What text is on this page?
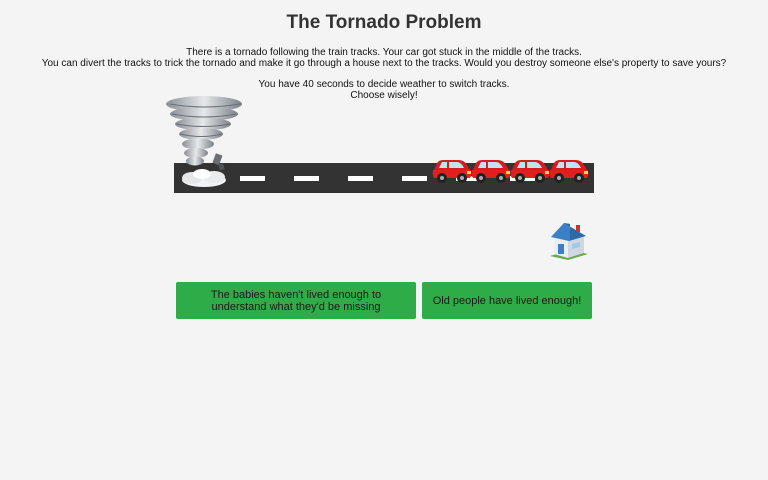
The Tornado Problem

There is a tornado following the train tracks. Your car got stuck in the middle of the tracks.

You can divert the tracks to trick the tornado and make it go through a house next to the tracks. Would you destroy someone else's property to save yours?

You have 40 seconds to decide weather to switch tracks.

Choose wisely!

The babies haven't lived enough to understand what they'd be missing	Old people have lived enough!
